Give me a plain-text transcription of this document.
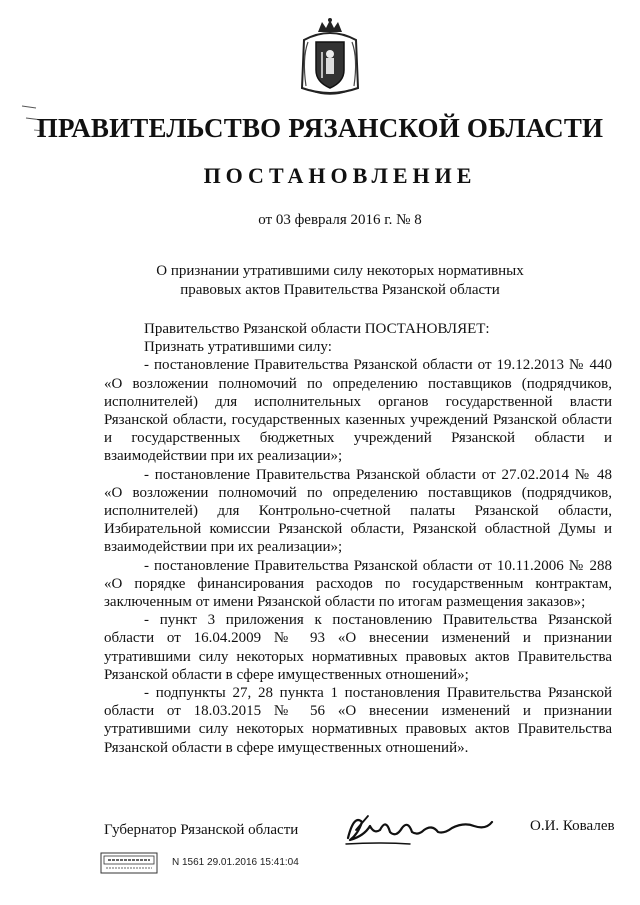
ПРАВИТЕЛЬСТВО РЯЗАНСКОЙ ОБЛАСТИ
ПОСТАНОВЛЕНИЕ
от 03 февраля 2016 г. № 8
О признании утратившими силу некоторых нормативных
правовых актов Правительства Рязанской области

Правительство Рязанской области ПОСТАНОВЛЯЕТ:

Признать утратившими силу:

- постановление Правительства Рязанской области от 19.12.2013 № 440 «О возложении полномочий по определению поставщиков (подрядчиков, исполнителей) для исполнительных органов государственной власти Рязанской области, государственных казенных учреждений Рязанской области и государственных бюджетных учреждений Рязанской области и взаимодействии при их реализации»;

- постановление Правительства Рязанской области от 27.02.2014 № 48 «О возложении полномочий по определению поставщиков (подрядчиков, исполнителей) для Контрольно-счетной палаты Рязанской области, Избирательной комиссии Рязанской области, Рязанской областной Думы и взаимодействии при их реализации»;

- постановление Правительства Рязанской области от 10.11.2006 № 288 «О порядке финансирования расходов по государственным контрактам, заключенным от имени Рязанской области по итогам размещения заказов»;

- пункт 3 приложения к постановлению Правительства Рязанской области от 16.04.2009 № 93 «О внесении изменений и признании утратившими силу некоторых нормативных правовых актов Правительства Рязанской области в сфере имущественных отношений»;

- подпункты 27, 28 пункта 1 постановления Правительства Рязанской области от 18.03.2015 № 56 «О внесении изменений и признании утратившими силу некоторых нормативных правовых актов Правительства Рязанской области в сфере имущественных отношений».

Губернатор Рязанской области	О.И. Ковалев
N 1561 29.01.2016 15:41:04
